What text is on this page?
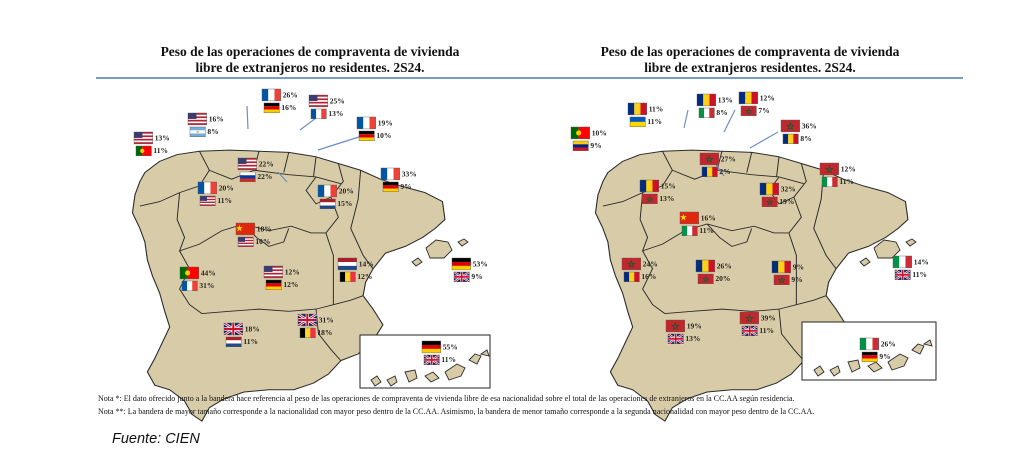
Peso de las operaciones de compraventa de vivienda
libre de extranjeros no residentes. 2S24.
Peso de las operaciones de compraventa de vivienda
libre de extranjeros residentes. 2S24.
13%
11%
16%
8%
26%
16%
25%
13%
19%
10%
22%
22%
20%
11%
20%
15%
33%
9%
18%
10%
44%
31%
12%
12%
14%
12%
53%
9%
18%
11%
31%
18%
55%
11%
10%
9%
11%
11%
13%
8%
12%
7%
36%
8%
27%
2%
15%
13%
32%
19%
12%
11%
16%
11%
24%
16%
26%
20%
9%
9%
14%
11%
19%
13%
39%
11%
26%
9%
Nota *: El dato ofrecido junto a la bandera hace referencia al peso de las operaciones de compraventa de vivienda libre de esa nacionalidad sobre el total de las operaciones de extranjeros en la CC.AA según residencia.
Nota **: La bandera de mayor tamaño corresponde a la nacionalidad con mayor peso dentro de la CC.AA. Asimismo, la bandera de menor tamaño corresponde a la segunda nacionalidad con mayor peso dentro de la CC.AA.
Fuente: CIEN
